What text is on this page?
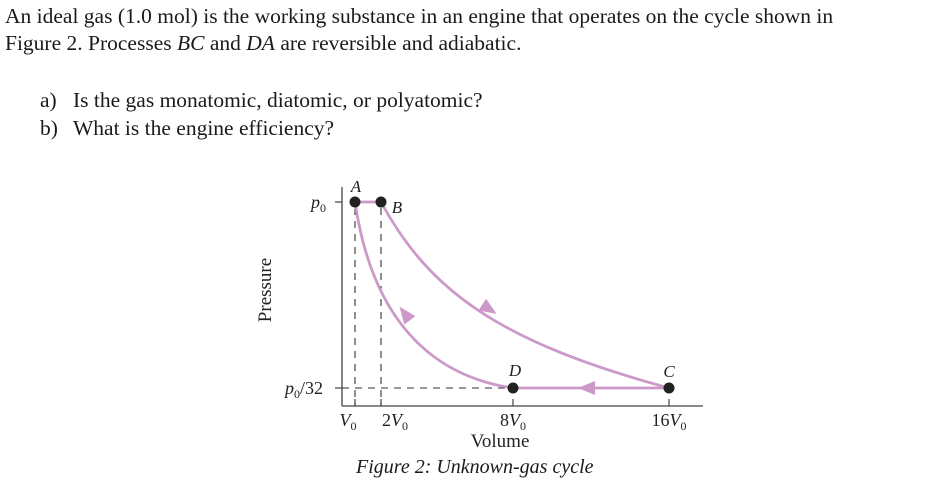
An ideal gas (1.0 mol) is the working substance in an engine that operates on the cycle shown in
Figure 2. Processes BC and DA are reversible and adiabatic.
a) Is the gas monatomic, diatomic, or polyatomic?
b) What is the engine efficiency?
A
B
C
D
$p_0$
$p_0/32$
$V_0$ $2V_0$	$8V_0$	$16V_0$
Volume
Pressure
Figure 2: Unknown-gas cycle
